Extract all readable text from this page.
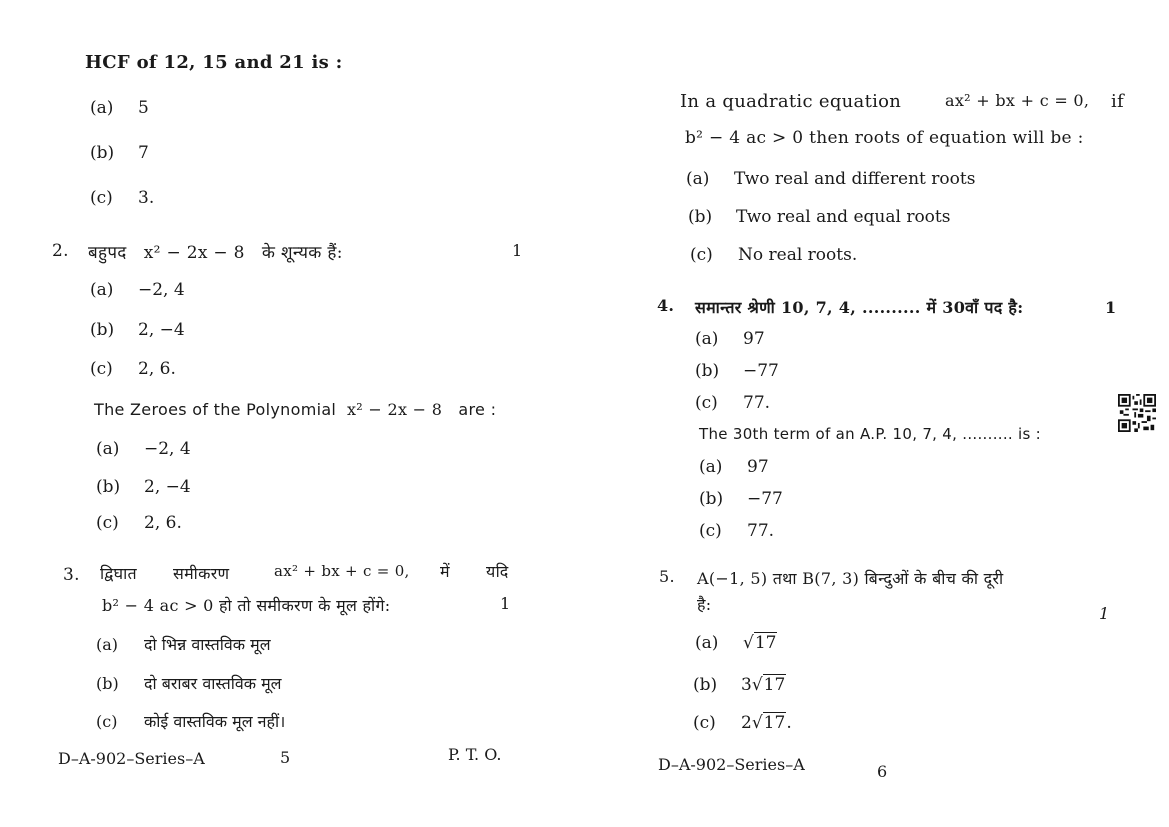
HCF of 12, 15 and 21 is :
(a) 5
(b) 7
(c) 3.
2. बहुपद x² − 2x − 8 के शून्यक हैं:	1
(a) −2, 4
(b) 2, −4
(c) 2, 6.
The Zeroes of the Polynomial x² − 2x − 8 are :
(a) −2, 4
(b) 2, −4
(c) 2, 6.
3. द्विघात समीकरण	ax² + bx + c = 0, में यदि
b² − 4 ac > 0 हो तो समीकरण के मूल होंगे:	1
(a) दो भिन्न वास्तविक मूल
(b) दो बराबर वास्तविक मूल
(c) कोई वास्तविक मूल नहीं।
D–A-902–Series–A	5	P. T. O.
In a quadratic equation	ax² + bx + c = 0, if
b² − 4 ac > 0 then roots of equation will be :
(a) Two real and different roots
(b) Two real and equal roots
(c) No real roots.
4. समान्तर श्रेणी 10, 7, 4, .......... में 30वाँ पद है:	1
(a) 97
(b) −77
(c) 77.
The 30th term of an A.P. 10, 7, 4, .......... is :
(a) 97
(b) −77
(c) 77.
5. A(−1, 5) तथा B(7, 3) बिन्दुओं के बीच की दूरी
है:	1
(a) √17
(b) 3√17
(c) 2√17.
D–A-902–Series–A	6
